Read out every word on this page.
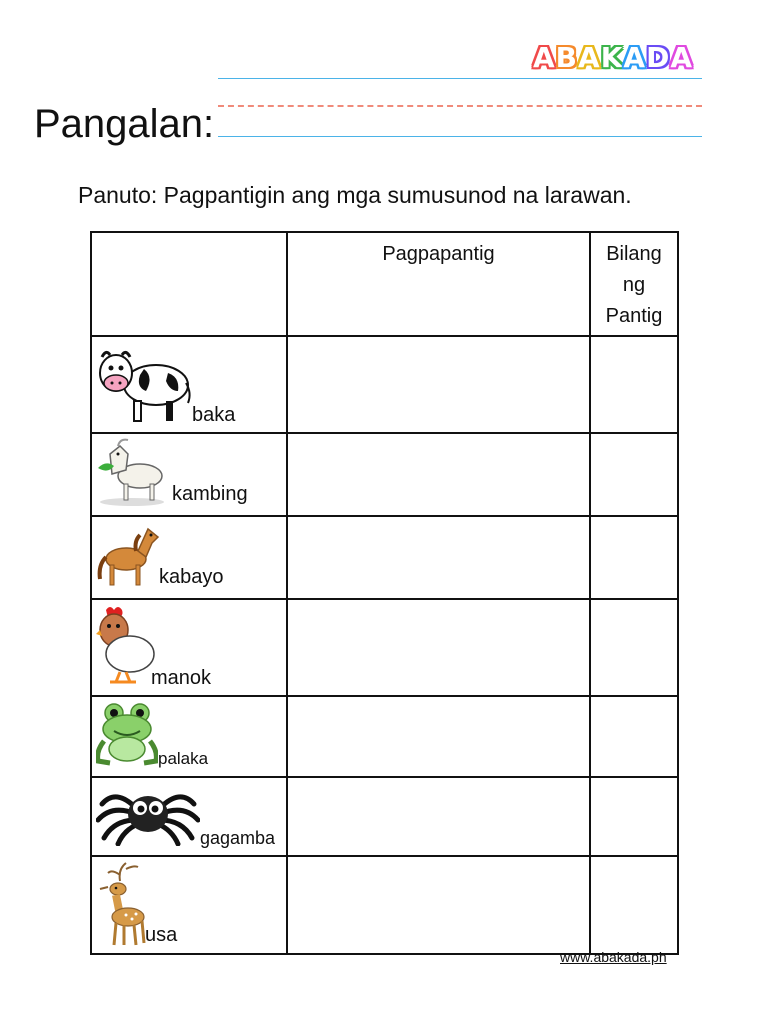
A B A K A D A
Pangalan:
Panuto: Pagpantigin ang mga sumusunod na larawan.
	Pagpapantig	Bilang
ng
Pantig

baka		

kambing		

kabayo		

manok		

palaka		

gagamba		

usa		

www.abakada.ph
